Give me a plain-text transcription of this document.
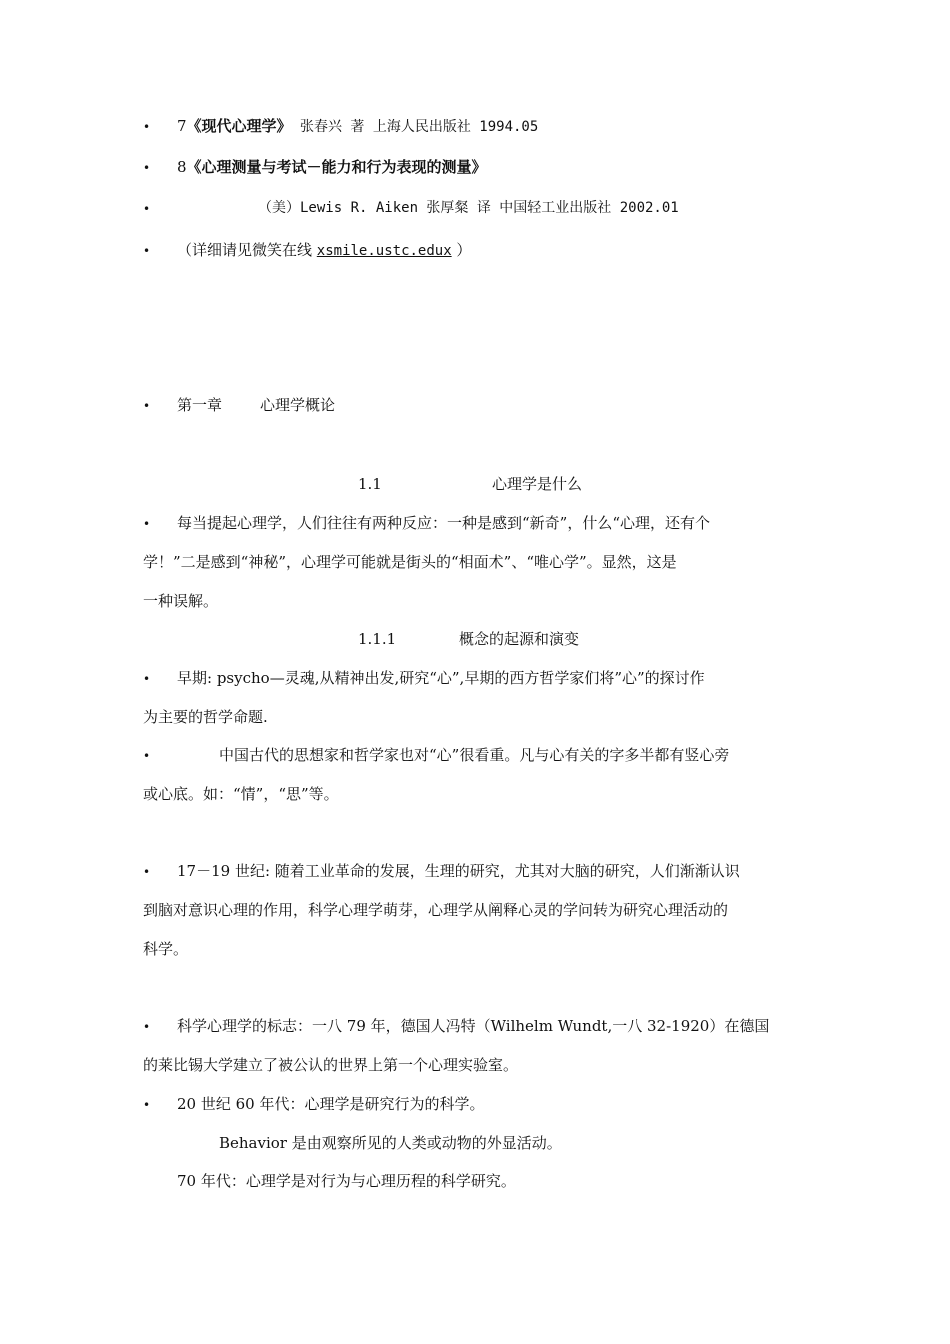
•
7《现代心理学》 张春兴 著 上海人民出版社 1994.05
•
8《心理测量与考试－能力和行为表现的测量》
•
（美）Lewis R. Aiken 张厚粲 译 中国轻工业出版社 2002.01
•
（详细请见微笑在线 xsmile.ustc.edux ）
•
第一章	心理学概论
1.1	心理学是什么
•
每当提起心理学，人们往往有两种反应：一种是感到“新奇”，什么“心理，还有个
学！”二是感到“神秘”，心理学可能就是街头的“相面术”、“唯心学”。显然，这是
一种误解。
1.1.1	概念的起源和演变
•
早期: psycho—灵魂,从精神出发,研究“心”,早期的西方哲学家们将”心”的探讨作
为主要的哲学命题.
•
中国古代的思想家和哲学家也对“心”很看重。凡与心有关的字多半都有竖心旁
或心底。如：“情”，“思”等。
•
17－19 世纪: 随着工业革命的发展，生理的研究，尤其对大脑的研究，人们渐渐认识
到脑对意识心理的作用，科学心理学萌芽，心理学从阐释心灵的学问转为研究心理活动的
科学。
•
科学心理学的标志：一八 79 年，德国人冯特（Wilhelm Wundt,一八 32-1920）在德国
的莱比锡大学建立了被公认的世界上第一个心理实验室。
•
20 世纪 60 年代：心理学是研究行为的科学。
Behavior 是由观察所见的人类或动物的外显活动。
70 年代：心理学是对行为与心理历程的科学研究。
